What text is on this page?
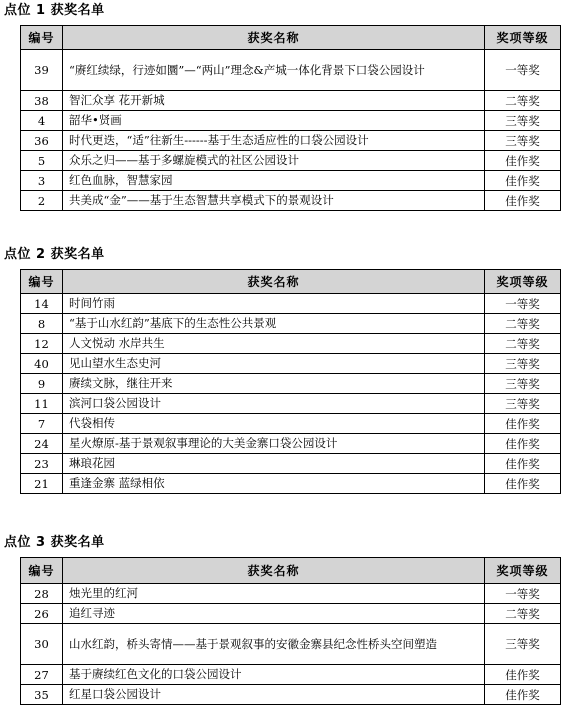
点位 1 获奖名单
编号	获奖名称	奖项等级
39	“赓红续绿，行迹如圜”—“两山”理念&产城一体化背景下口袋公园设计	一等奖
38	智汇众享 花开新城	二等奖
4	韶华•贤画	三等奖
36	时代更迭，“适”往新生------基于生态适应性的口袋公园设计	三等奖
5	众乐之归——基于多螺旋模式的社区公园设计	佳作奖
3	红色血脉，智慧家园	佳作奖
2	共美成“金”——基于生态智慧共享模式下的景观设计	佳作奖
点位 2 获奖名单
编号	获奖名称	奖项等级
14	时间竹雨	一等奖
8	“基于山水红韵”基底下的生态性公共景观	二等奖
12	人文悦动 水岸共生	二等奖
40	见山望水生态史河	三等奖
9	赓续文脉，继往开来	三等奖
11	滨河口袋公园设计	三等奖
7	代袋相传	佳作奖
24	星火燎原-基于景观叙事理论的大美金寨口袋公园设计	佳作奖
23	琳琅花园	佳作奖
21	重逢金寨 蓝绿相依	佳作奖
点位 3 获奖名单
编号	获奖名称	奖项等级
28	烛光里的红河	一等奖
26	追红寻迹	二等奖
30	山水红韵，桥头寄情——基于景观叙事的安徽金寨县纪念性桥头空间塑造	三等奖
27	基于赓续红色文化的口袋公园设计	佳作奖
35	红星口袋公园设计	佳作奖
